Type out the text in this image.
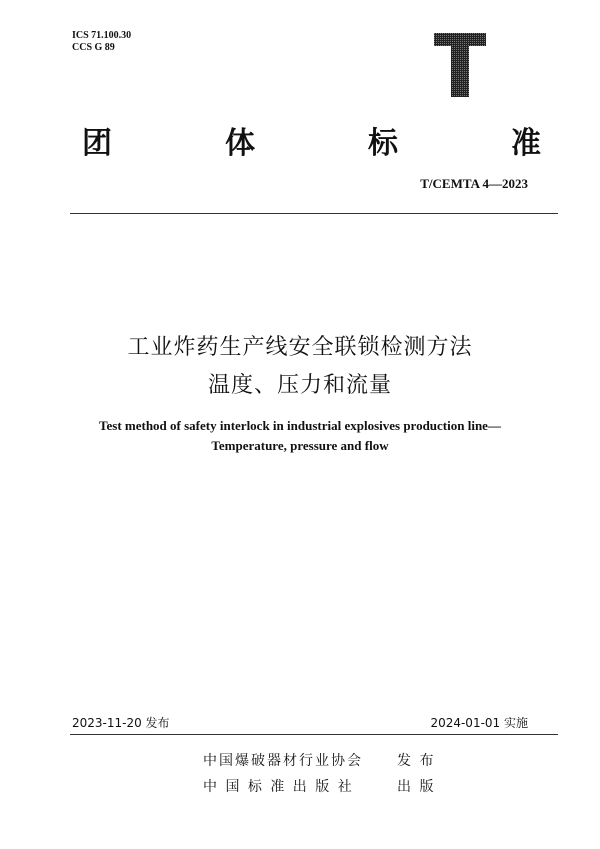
ICS 71.100.30
CCS G 89
团	体	标	准
T/CEMTA 4—2023
工业炸药生产线安全联锁检测方法
温度、压力和流量
Test method of safety interlock in industrial explosives production line—
Temperature, pressure and flow
2023-11-20 发布	2024-01-01 实施
中国爆破器材行业协会 发 布
中 国 标 准 出 版 社	出 版
